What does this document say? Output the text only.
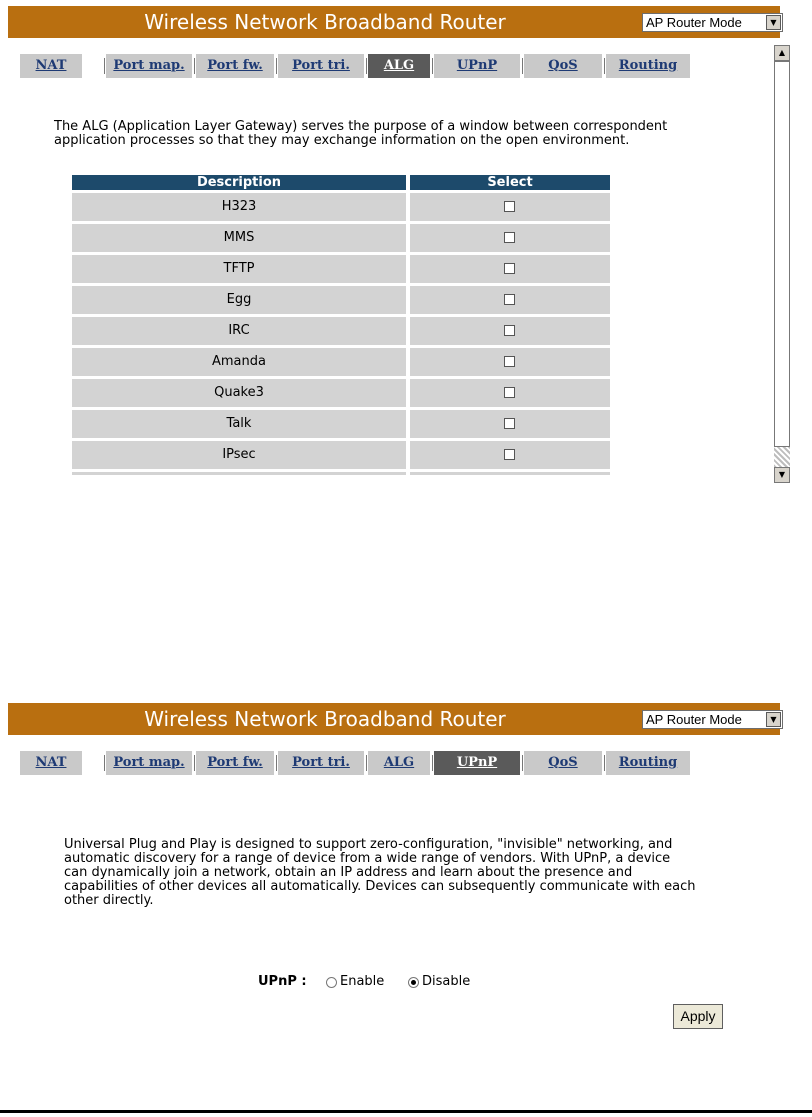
Wireless Network Broadband Router	AP Router Mode	▼
NAT	Port map.	Port fw.	Port tri.	ALG	UPnP	QoS	Routing
The ALG (Application Layer Gateway) serves the purpose of a window between correspondent
application processes so that they may exchange information on the open environment.
Description	Select
H323
MMS
TFTP
Egg
IRC
Amanda
Quake3
Talk
IPsec
▲
▼
Wireless Network Broadband Router	AP Router Mode	▼
NAT	Port map.	Port fw.	Port tri.	ALG	UPnP	QoS	Routing
Universal Plug and Play is designed to support zero-configuration, "invisible" networking, and
automatic discovery for a range of device from a wide range of vendors. With UPnP, a device
can dynamically join a network, obtain an IP address and learn about the presence and
capabilities of other devices all automatically. Devices can subsequently communicate with each
other directly.
UPnP :	Enable	Disable
Apply
